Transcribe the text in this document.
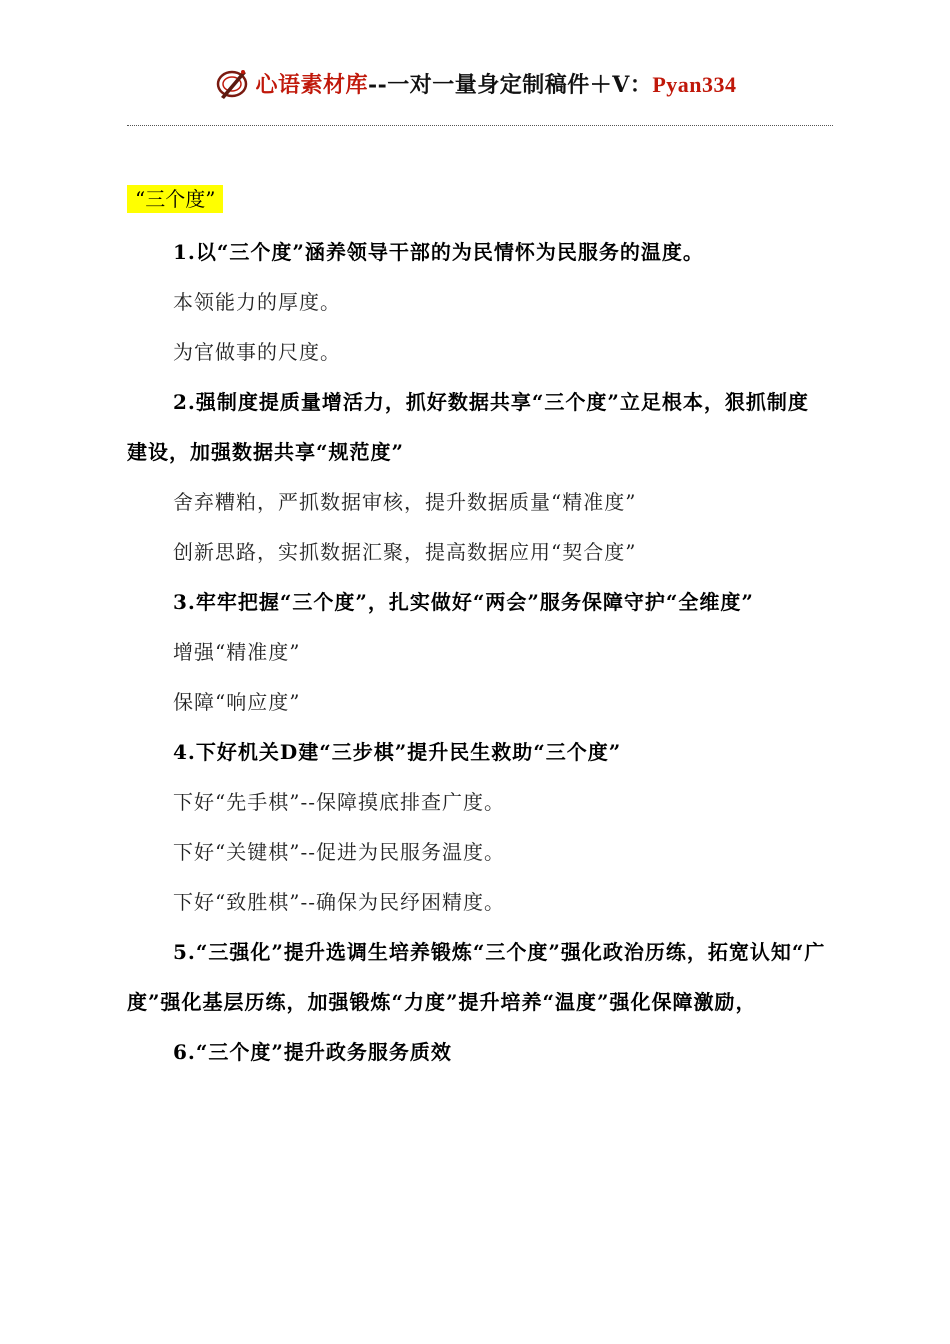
心语素材库--一对一量身定制稿件＋V：Pyan334
“三个度”

1.以“三个度”涵养领导干部的为民情怀为民服务的温度。

本领能力的厚度。

为官做事的尺度。

2.强制度提质量增活力，抓好数据共享“三个度”立足根本，狠抓制度建设，加强数据共享“规范度”

舍弃糟粕，严抓数据审核，提升数据质量“精准度”

创新思路，实抓数据汇聚，提高数据应用“契合度”

3.牢牢把握“三个度”，扎实做好“两会”服务保障守护“全维度”

增强“精准度”

保障“响应度”

4.下好机关D建“三步棋”提升民生救助“三个度”

下好“先手棋”--保障摸底排查广度。

下好“关键棋”--促进为民服务温度。

下好“致胜棋”--确保为民纾困精度。

5.“三强化”提升选调生培养锻炼“三个度”强化政治历练，拓宽认知“广度”强化基层历练，加强锻炼“力度”提升培养“温度”强化保障激励，

6.“三个度”提升政务服务质效
